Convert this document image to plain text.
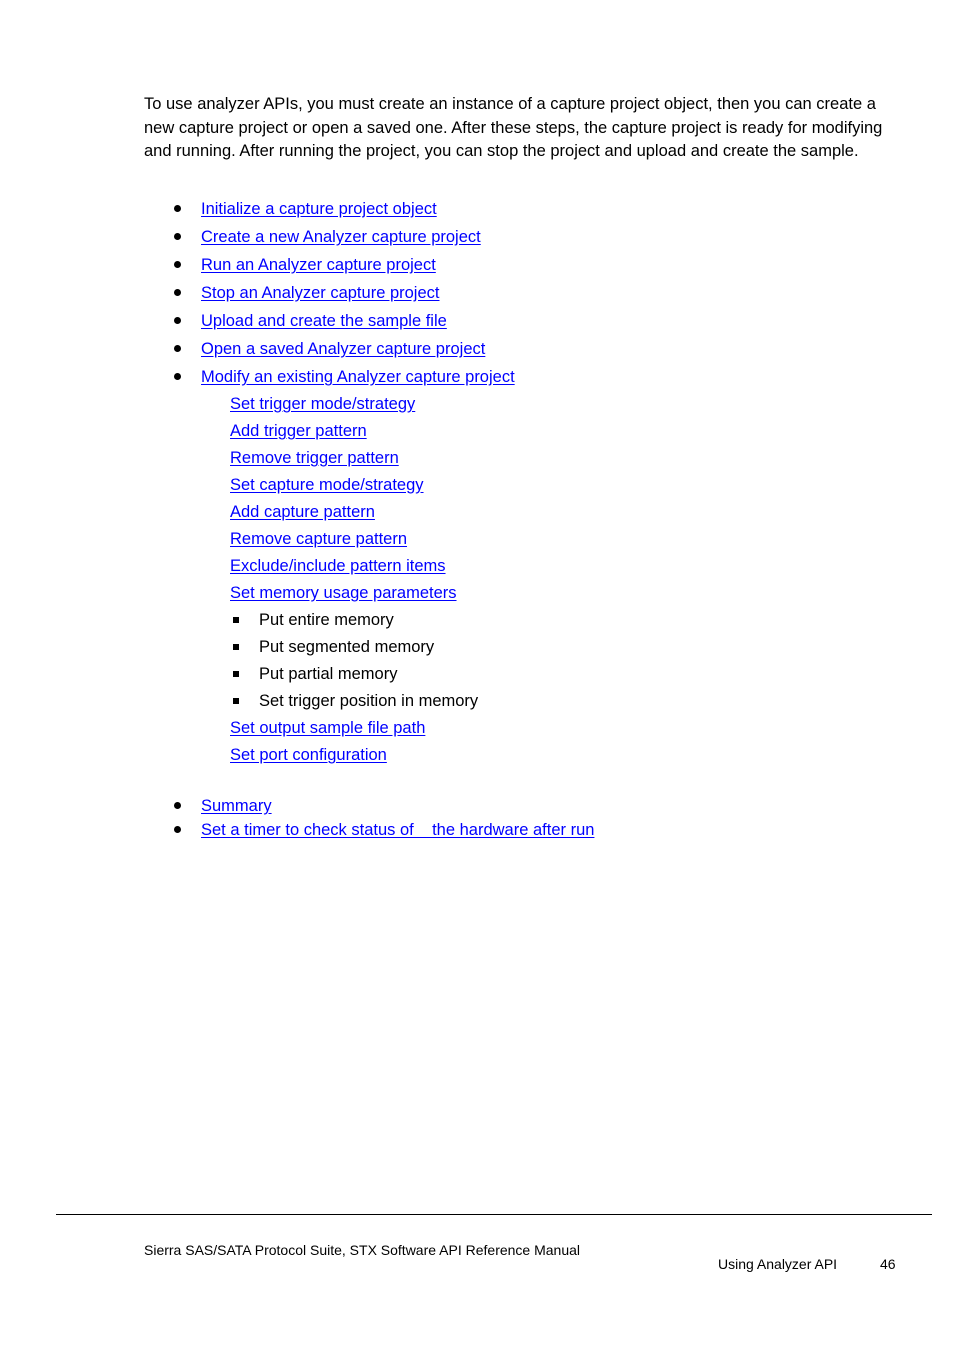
To use analyzer APIs, you must create an instance of a capture project object, then you can create a new capture project or open a saved one. After these steps, the capture project is ready for modifying and running. After running the project, you can stop the project and upload and create the sample.

Initialize a capture project object
Create a new Analyzer capture project
Run an Analyzer capture project
Stop an Analyzer capture project
Upload and create the sample file
Open a saved Analyzer capture project
Modify an existing Analyzer capture project
Set trigger mode/strategy
Add trigger pattern
Remove trigger pattern
Set capture mode/strategy
Add capture pattern
Remove capture pattern
Exclude/include pattern items
Set memory usage parameters
Put entire memory
Put segmented memory
Put partial memory
Set trigger position in memory
Set output sample file path
Set port configuration
Summary
Set a timer to check status of    the hardware after run
Sierra SAS/SATA Protocol Suite, STX Software API Reference Manual
Using Analyzer API	46
